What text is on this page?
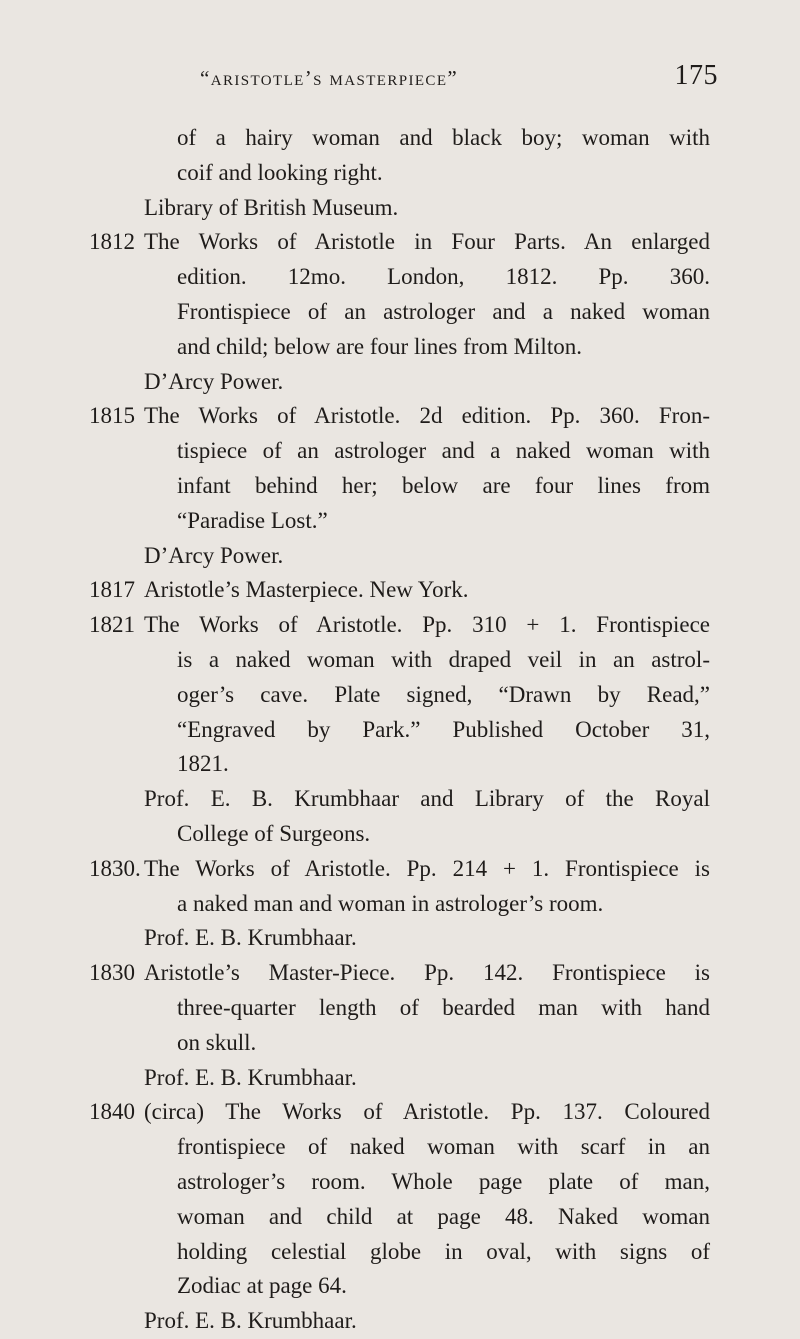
“aristotle’s masterpiece”	175
of a hairy woman and black boy; woman with
coif and looking right.
Library of British Museum.
1812 The Works of Aristotle in Four Parts. An enlarged
edition. 12mo. London, 1812. Pp. 360.
Frontispiece of an astrologer and a naked woman
and child; below are four lines from Milton.
D’Arcy Power.
1815 The Works of Aristotle. 2d edition. Pp. 360. Fron-
tispiece of an astrologer and a naked woman with
infant behind her; below are four lines from
“Paradise Lost.”
D’Arcy Power.
1817 Aristotle’s Masterpiece. New York.
1821 The Works of Aristotle. Pp. 310 + 1. Frontispiece
is a naked woman with draped veil in an astrol-
oger’s cave. Plate signed, “Drawn by Read,”
“Engraved by Park.” Published October 31,
1821.
Prof. E. B. Krumbhaar and Library of the Royal
College of Surgeons.
1830. The Works of Aristotle. Pp. 214 + 1. Frontispiece is
a naked man and woman in astrologer’s room.
Prof. E. B. Krumbhaar.
1830 Aristotle’s Master-Piece. Pp. 142. Frontispiece is
three-quarter length of bearded man with hand
on skull.
Prof. E. B. Krumbhaar.
1840 (circa) The Works of Aristotle. Pp. 137. Coloured
frontispiece of naked woman with scarf in an
astrologer’s room. Whole page plate of man,
woman and child at page 48. Naked woman
holding celestial globe in oval, with signs of
Zodiac at page 64.
Prof. E. B. Krumbhaar.
